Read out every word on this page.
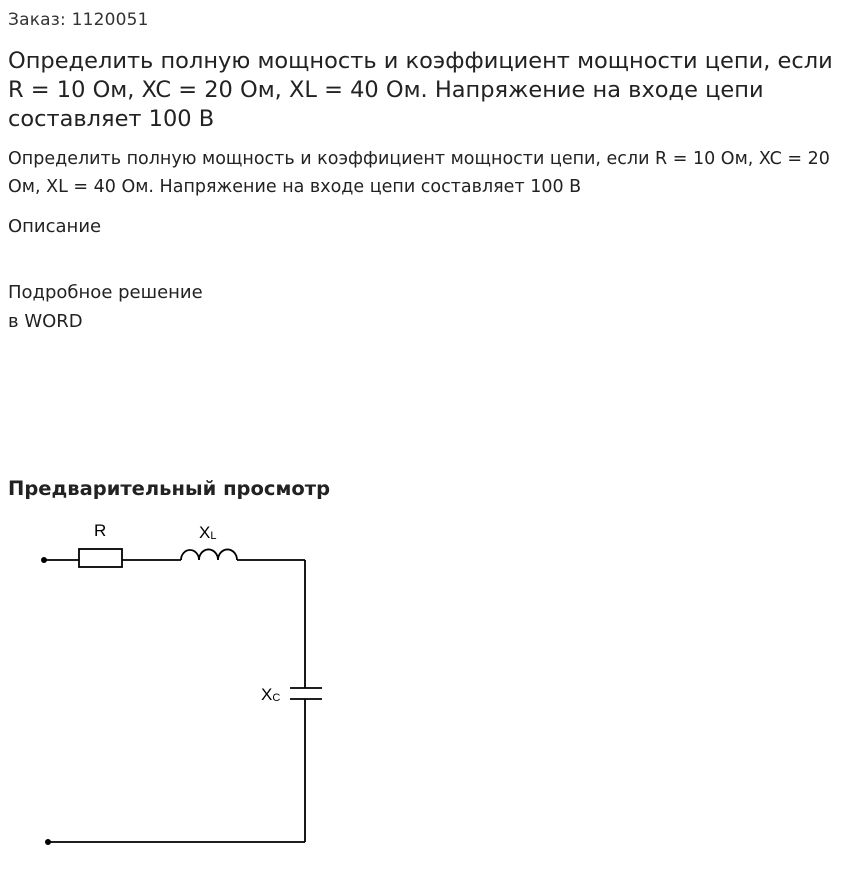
Заказ: 1120051
Определить полную мощность и коэффициент мощности цепи, если R = 10 Ом, XC = 20 Ом, XL = 40 Ом. Напряжение на входе цепи составляет 100 В
Определить полную мощность и коэффициент мощности цепи, если R = 10 Ом, XC = 20 Ом, XL = 40 Ом. Напряжение на входе цепи составляет 100 В
Описание
Подробное решение
в WORD
Предварительный просмотр
R	XL
XC
